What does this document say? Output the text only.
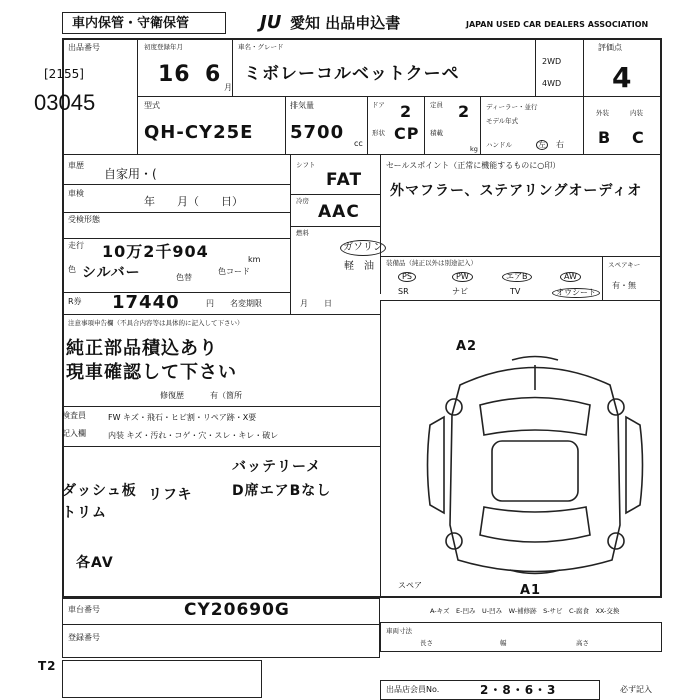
車内保管・守衛保管	JU 愛知 出品申込書	JAPAN USED CAR DEALERS ASSOCIATION
出品番号
[2155]
03045
初度登録年月
16 6
月
車名・グレード
ミボレーコルベットクーペ
2WD
4WD
評価点
4
型式
QH-CY25E
排気量
5700
cc
ドア 2
形状 CP
定員 2
積載
kg
ディーラー・並行
モデル年式
ハンドル	左 右
外装	内装
B C
車歴
自家用・(
車検
年　　月（　　日）
受検形態
走行 10万2千904	km
色 シルバー	色替
色コード
R券 17440	円 名変期限	月　　日
シフト
FAT
冷房
AAC
燃料
ガソリン
軽　油
セールスポイント（正常に機能するものに○印）
外マフラー、ステアリングオーディオ
装備品（純正以外は別途記入）
PS	PW	エアB	AW
SR	ナビ	TV	オウシート
スペアキー
有・無
注意事項申告欄（不具合内容等は具体的に記入して下さい）
純正部品積込あり
現車確認して下さい
修復歴	有（箇所
検査員
記入欄
FW キズ・飛石・ヒビ割・リペア跡・X要
内装 キズ・汚れ・コゲ・穴・スレ・キレ・破レ
バッテリーメ
ダッシュ板 リフキ	D席エアBなし
トリム
各AV
A2
スペア	A1
A-キズ　E-凹み　U-凹み　W-補修跡　S-サビ　C-腐食　XX-交換
車台番号	CY20690G
登録番号
車両寸法
長さ	幅	高さ
T2
出品店会員No.	2・8・6・3	必ず記入
